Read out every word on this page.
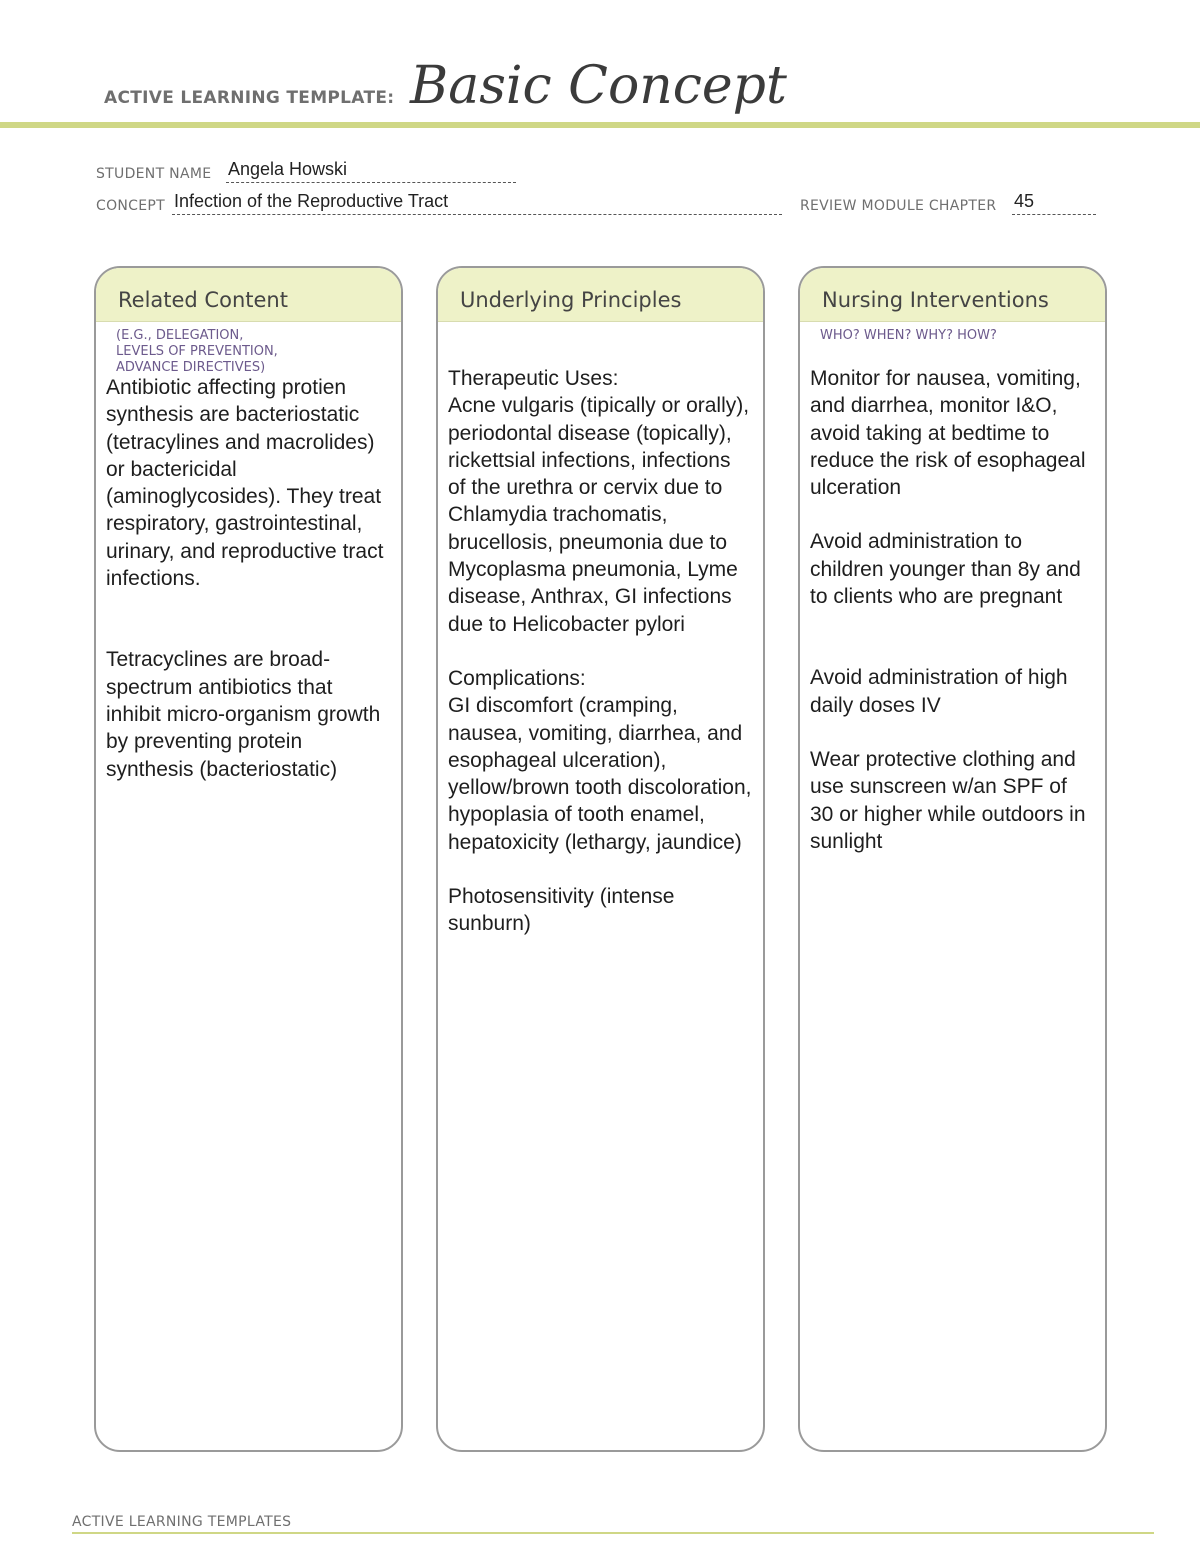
ACTIVE LEARNING TEMPLATE: Basic Concept
STUDENT NAME Angela Howski
CONCEPT Infection of the Reproductive Tract	REVIEW MODULE CHAPTER 45
Related Content
(E.G., DELEGATION,
LEVELS OF PREVENTION,
ADVANCE DIRECTIVES)

Antibiotic affecting protien synthesis are bacteriostatic (tetracylines and macrolides) or bactericidal (aminoglycosides). They treat respiratory, gastrointestinal, urinary, and reproductive tract infections.

Tetracyclines are broad-spectrum antibiotics that inhibit micro-organism growth by preventing protein synthesis (bacteriostatic)

Underlying Principles

Therapeutic Uses:
Acne vulgaris (tipically or orally), periodontal disease (topically), rickettsial infections, infections of the urethra or cervix due to Chlamydia trachomatis, brucellosis, pneumonia due to Mycoplasma pneumonia, Lyme disease, Anthrax, GI infections due to Helicobacter pylori

Complications:
GI discomfort (cramping, nausea, vomiting, diarrhea, and esophageal ulceration), yellow/brown tooth discoloration, hypoplasia of tooth enamel, hepatoxicity (lethargy, jaundice)

Photosensitivity (intense sunburn)

Nursing Interventions
WHO? WHEN? WHY? HOW?

Monitor for nausea, vomiting, and diarrhea, monitor I&O, avoid taking at bedtime to reduce the risk of esophageal ulceration

Avoid administration to children younger than 8y and to clients who are pregnant

Avoid administration of high daily doses IV

Wear protective clothing and use sunscreen w/an SPF of 30 or higher while outdoors in sunlight

ACTIVE LEARNING TEMPLATES
